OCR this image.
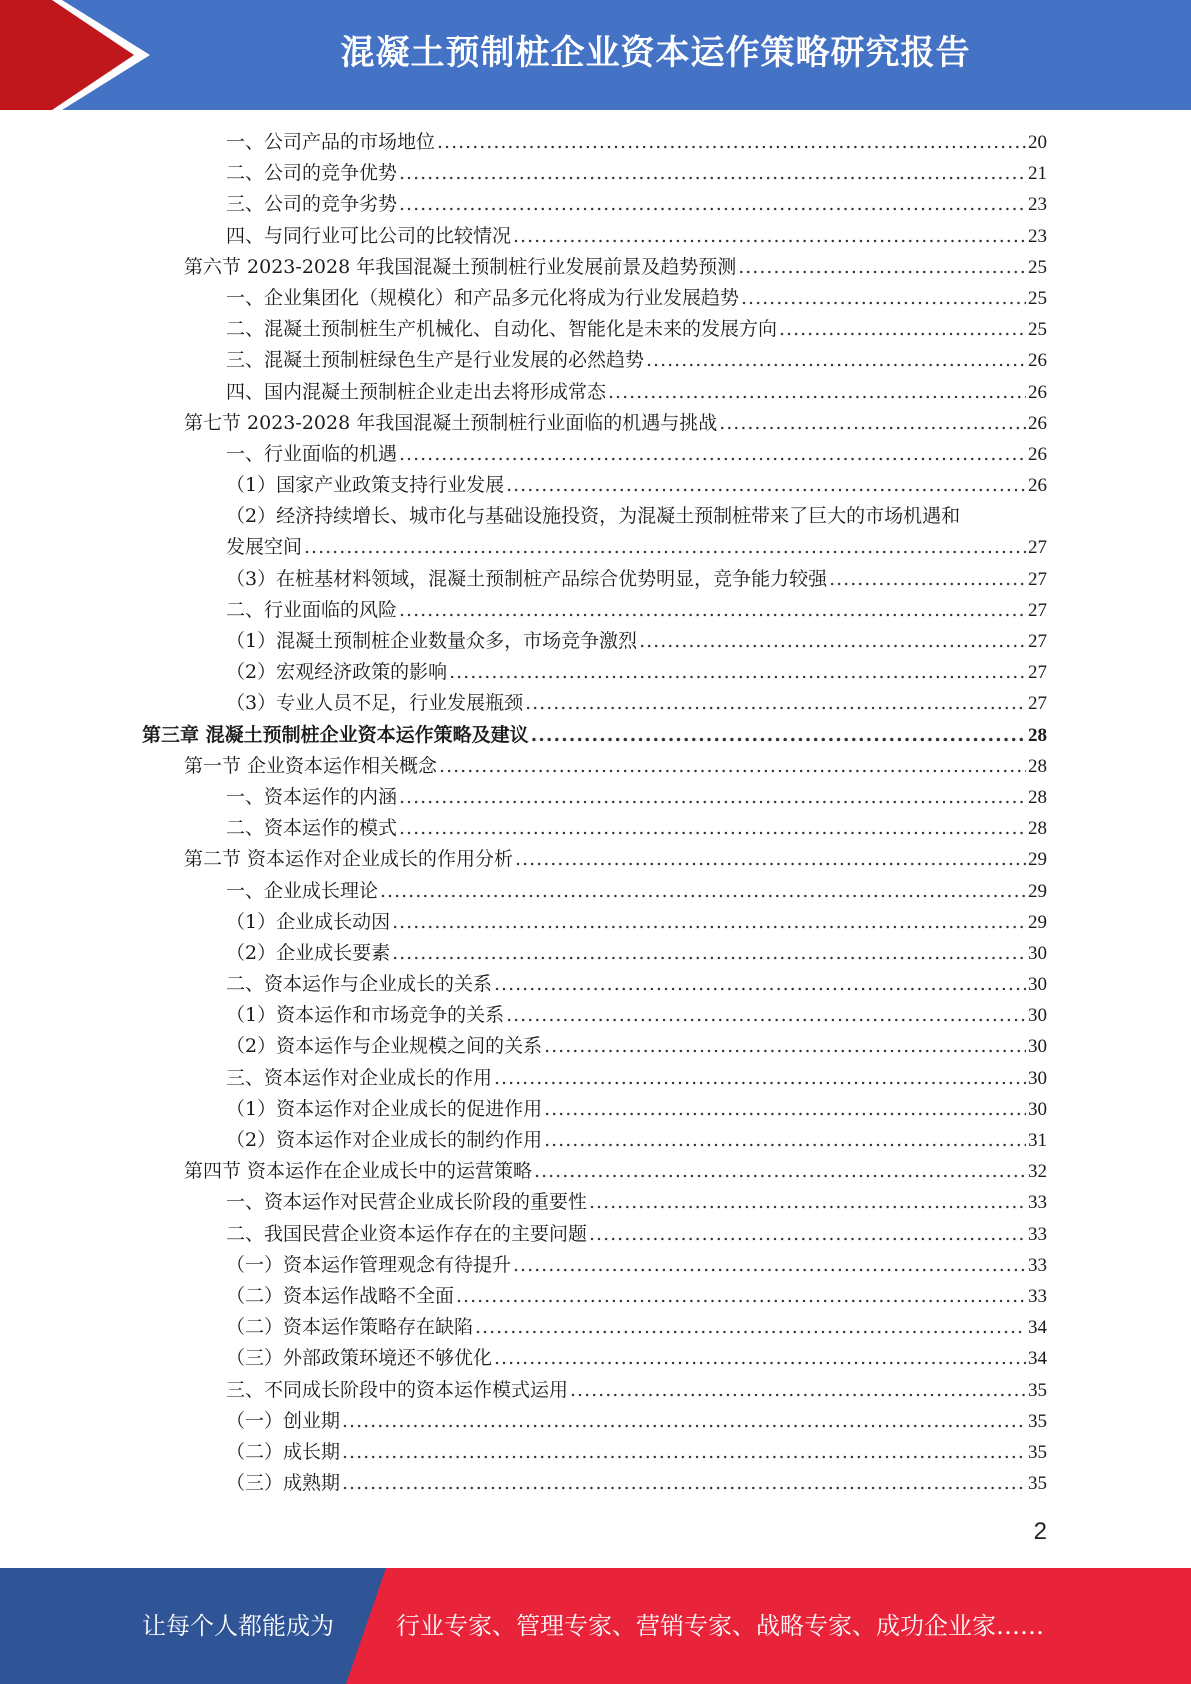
混凝土预制桩企业资本运作策略研究报告
一、公司产品的市场地位 .....	20
二、公司的竞争优势 .....	21
三、公司的竞争劣势 .....	23
四、与同行业可比公司的比较情况 .....	23
第六节 2023-2028 年我国混凝土预制桩行业发展前景及趋势预测 .....	25
一、企业集团化（规模化）和产品多元化将成为行业发展趋势 .....	25
二、混凝土预制桩生产机械化、自动化、智能化是未来的发展方向 .....	25
三、混凝土预制桩绿色生产是行业发展的必然趋势 .....	26
四、国内混凝土预制桩企业走出去将形成常态 .....	26
第七节 2023-2028 年我国混凝土预制桩行业面临的机遇与挑战 .....	26
一、行业面临的机遇 .....	26
（1）国家产业政策支持行业发展 .....	26
（2）经济持续增长、城市化与基础设施投资，为混凝土预制桩带来了巨大的市场机遇和
发展空间 .....	27
（3）在桩基材料领域，混凝土预制桩产品综合优势明显，竞争能力较强 .....	27
二、行业面临的风险 .....	27
（1）混凝土预制桩企业数量众多，市场竞争激烈 .....	27
（2）宏观经济政策的影响 .....	27
（3）专业人员不足，行业发展瓶颈 .....	27
第三章 混凝土预制桩企业资本运作策略及建议 .....	28
第一节 企业资本运作相关概念 .....	28
一、资本运作的内涵 .....	28
二、资本运作的模式 .....	28
第二节 资本运作对企业成长的作用分析 .....	29
一、企业成长理论 .....	29
（1）企业成长动因 .....	29
（2）企业成长要素 .....	30
二、资本运作与企业成长的关系 .....	30
（1）资本运作和市场竞争的关系 .....	30
（2）资本运作与企业规模之间的关系 .....	30
三、资本运作对企业成长的作用 .....	30
（1）资本运作对企业成长的促进作用 .....	30
（2）资本运作对企业成长的制约作用 .....	31
第四节 资本运作在企业成长中的运营策略 .....	32
一、资本运作对民营企业成长阶段的重要性 .....	33
二、我国民营企业资本运作存在的主要问题 .....	33
（一）资本运作管理观念有待提升 .....	33
（二）资本运作战略不全面 .....	33
（二）资本运作策略存在缺陷 .....	34
（三）外部政策环境还不够优化 .....	34
三、不同成长阶段中的资本运作模式运用 .....	35
（一）创业期 .....	35
（二）成长期 .....	35
（三）成熟期 .....	35
2
让每个人都能成为	行业专家、管理专家、营销专家、战略专家、成功企业家……
